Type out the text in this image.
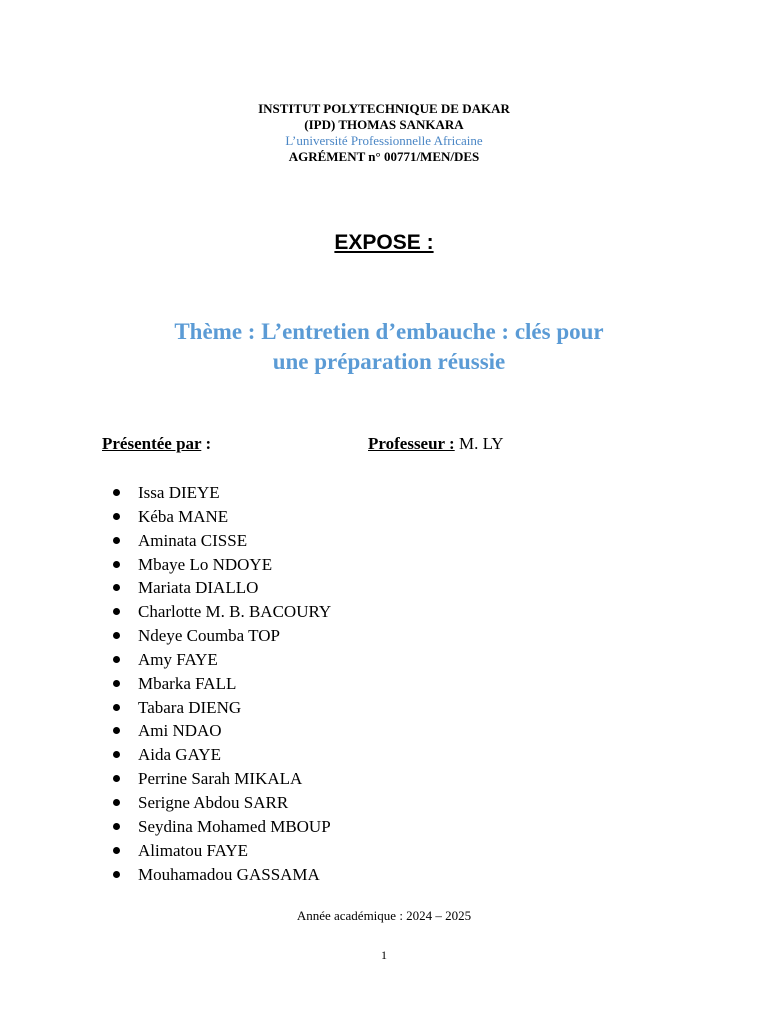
INSTITUT POLYTECHNIQUE DE DAKAR
(IPD) THOMAS SANKARA
L’université Professionnelle Africaine
AGRÉMENT n° 00771/MEN/DES
EXPOSE :
Thème : L’entretien d’embauche : clés pour
une préparation réussie
Présentée par :	Professeur : M. LY
Issa DIEYE
Kéba MANE
Aminata CISSE
Mbaye Lo NDOYE
Mariata DIALLO
Charlotte M. B. BACOURY
Ndeye Coumba TOP
Amy FAYE
Mbarka FALL
Tabara DIENG
Ami NDAO
Aida GAYE
Perrine Sarah MIKALA
Serigne Abdou SARR
Seydina Mohamed MBOUP
Alimatou FAYE
Mouhamadou GASSAMA
Année académique : 2024 – 2025
1
